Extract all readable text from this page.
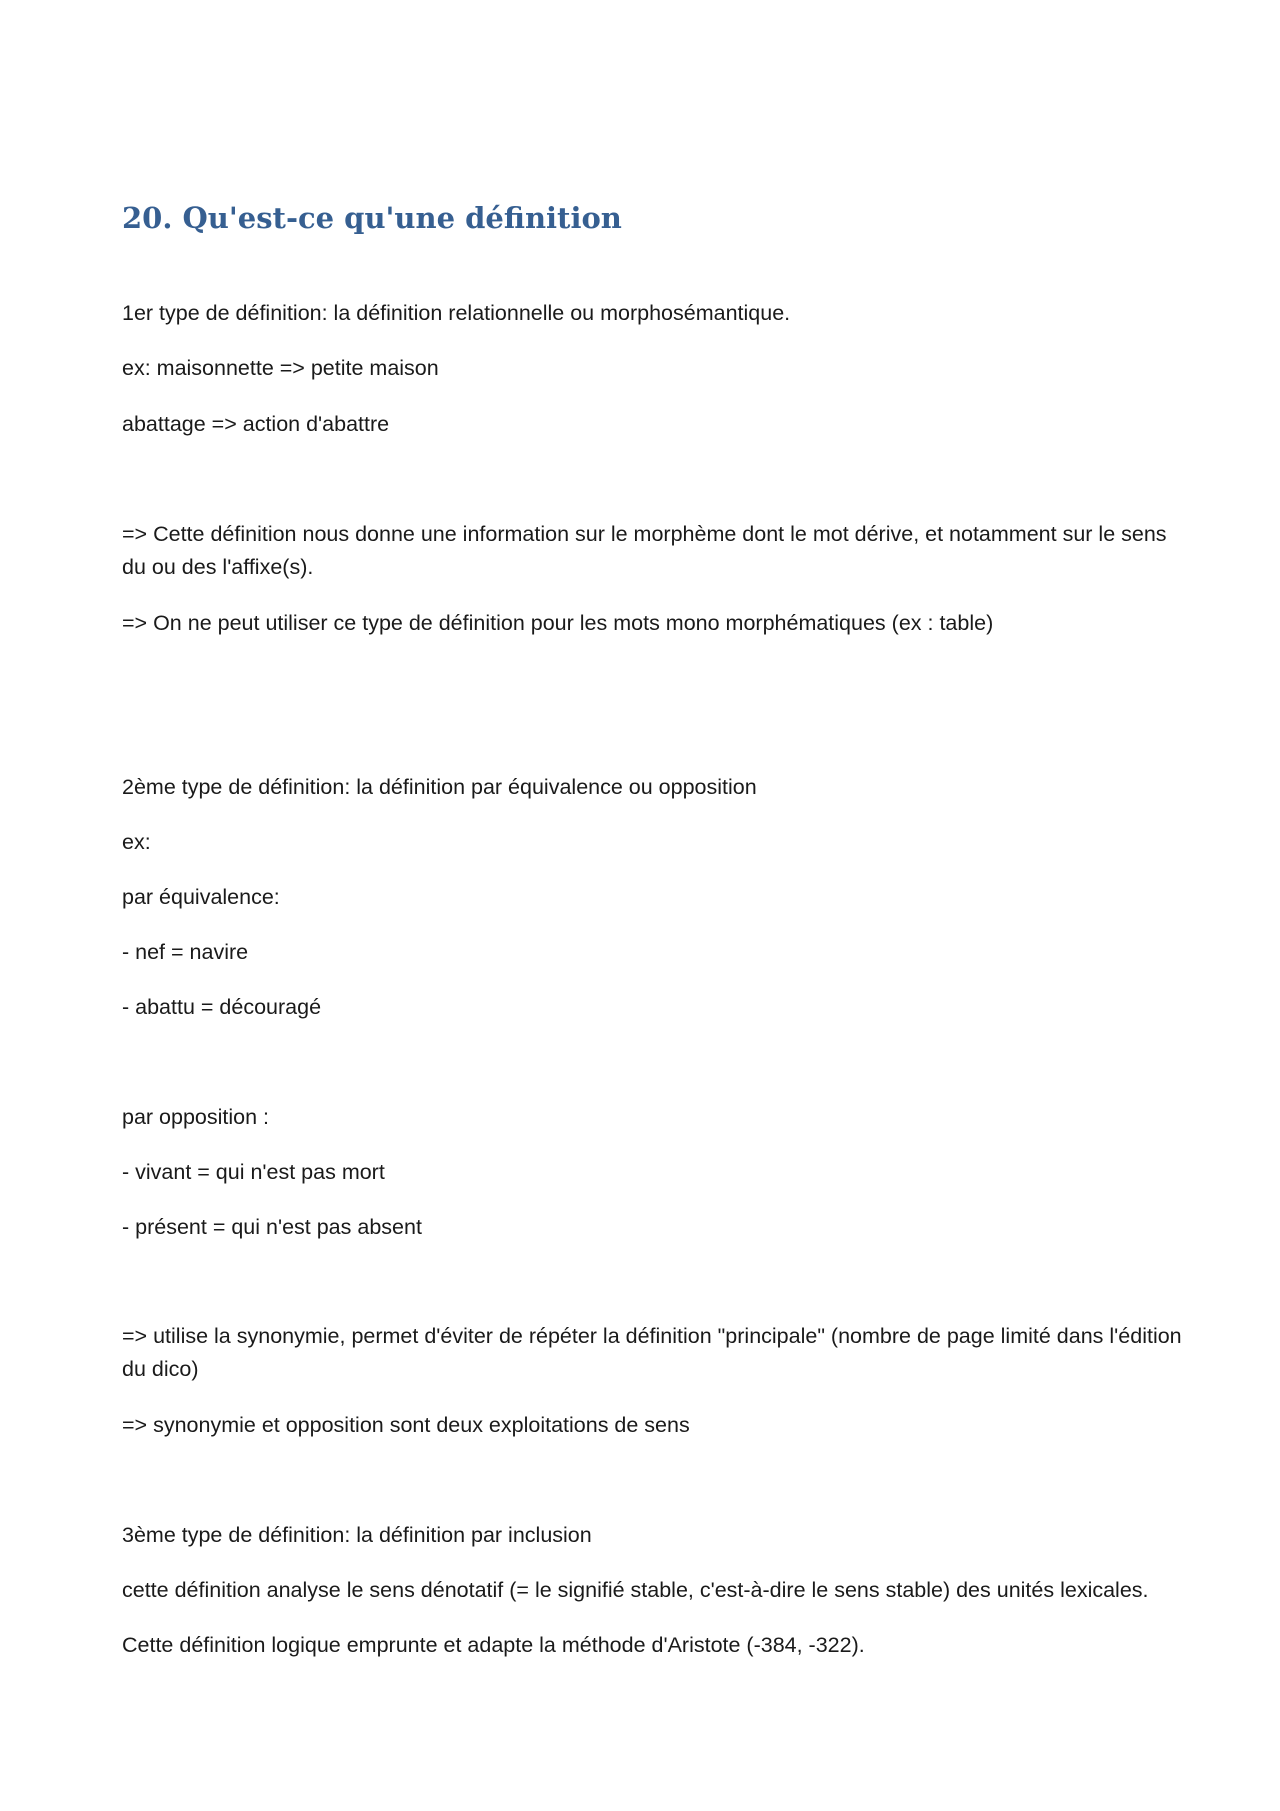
20. Qu'est-ce qu'une définition

1er type de définition: la définition relationnelle ou morphosémantique.

ex: maisonnette => petite maison

abattage => action d'abattre

=> Cette définition nous donne une information sur le morphème dont le mot dérive, et notamment sur le sens du ou des l'affixe(s).

=> On ne peut utiliser ce type de définition pour les mots mono morphématiques (ex : table)

2ème type de définition: la définition par équivalence ou opposition

ex:

par équivalence:

- nef = navire

- abattu = découragé

par opposition :

- vivant = qui n'est pas mort

- présent = qui n'est pas absent

=> utilise la synonymie, permet d'éviter de répéter la définition "principale" (nombre de page limité dans l'édition du dico)

=> synonymie et opposition sont deux exploitations de sens

3ème type de définition: la définition par inclusion

cette définition analyse le sens dénotatif (= le signifié stable, c'est-à-dire le sens stable) des unités lexicales.

Cette définition logique emprunte et adapte la méthode d'Aristote (-384, -322).
